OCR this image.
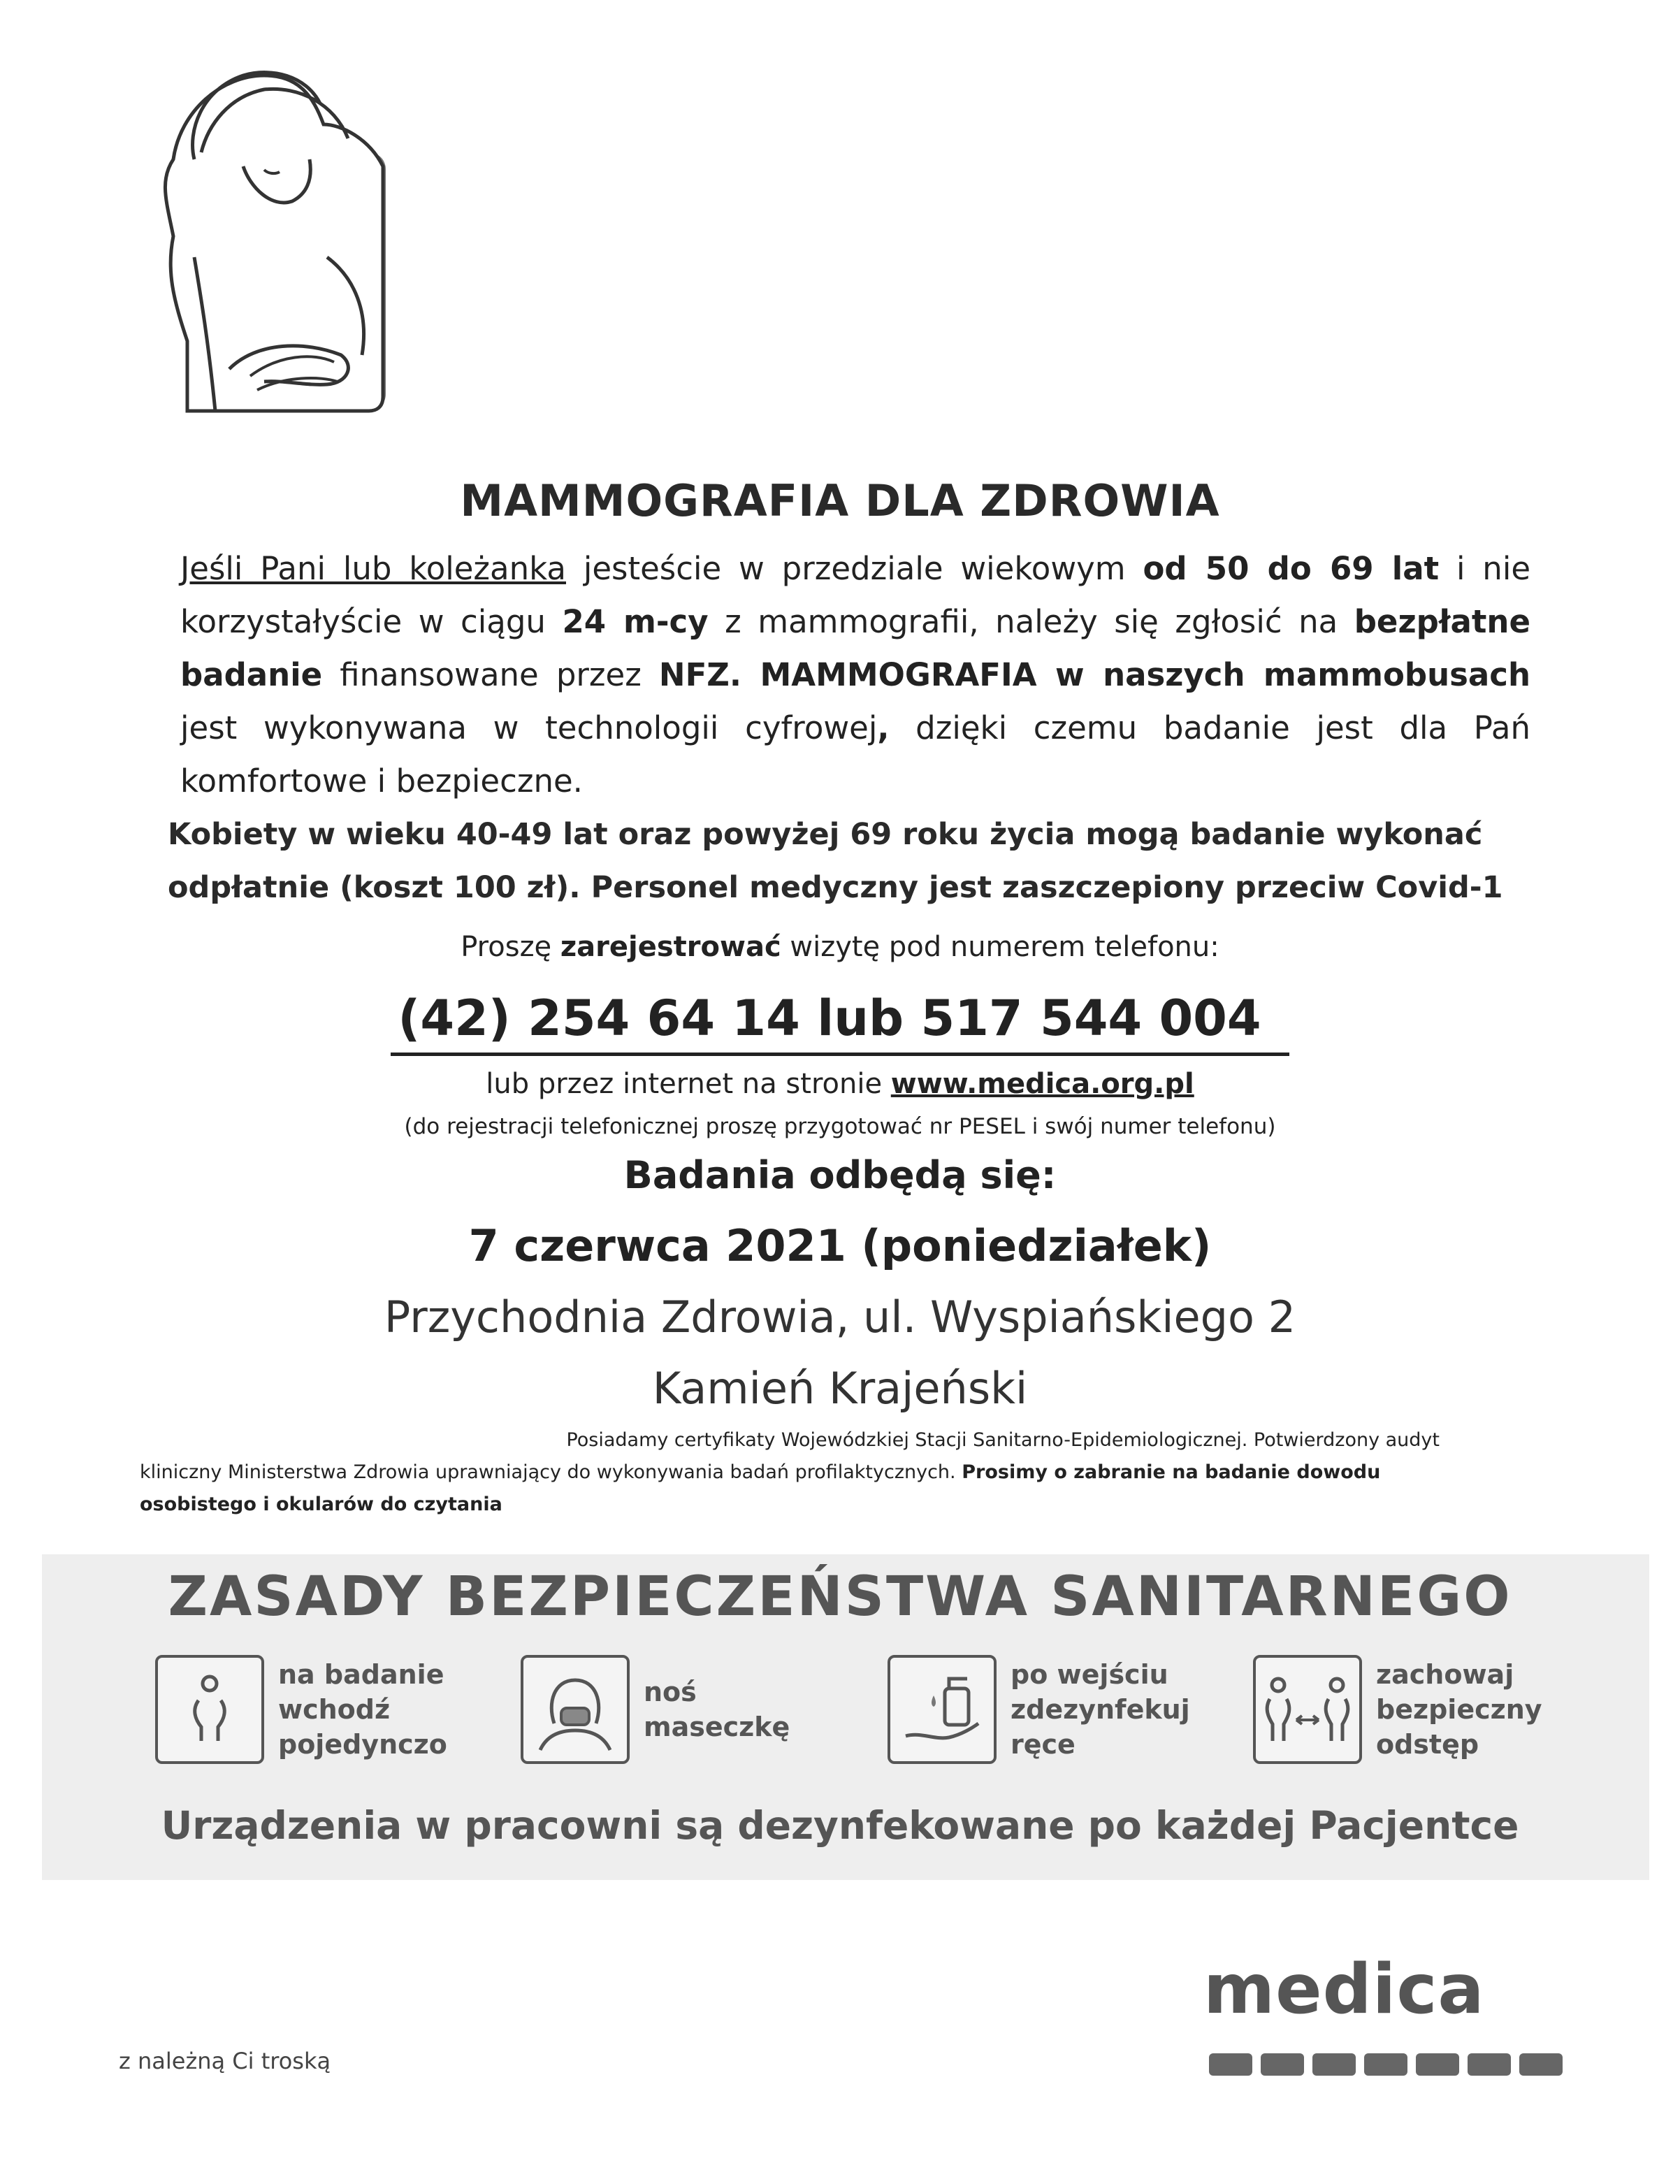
MAMMOGRAFIA DLA ZDROWIA
Jeśli Pani lub koleżanka jesteście w przedziale wiekowym od 50 do 69 lat i nie korzystałyście w ciągu 24 m-cy z mammografii, należy się zgłosić na bezpłatne badanie finansowane przez NFZ. MAMMOGRAFIA w naszych mammobusach jest wykonywana w technologii cyfrowej, dzięki czemu badanie jest dla Pań komfortowe i bezpieczne.
Kobiety w wieku 40-49 lat oraz powyżej 69 roku życia mogą badanie wykonać odpłatnie (koszt 100 zł). Personel medyczny jest zaszczepiony przeciw Covid-1
Proszę zarejestrować wizytę pod numerem telefonu:
(42) 254 64 14 lub 517 544 004
lub przez internet na stronie www.medica.org.pl
(do rejestracji telefonicznej proszę przygotować nr PESEL i swój numer telefonu)
Badania odbędą się:
7 czerwca 2021 (poniedziałek)
Przychodnia Zdrowia, ul. Wyspiańskiego 2
Kamień Krajeński
Posiadamy certyfikaty Wojewódzkiej Stacji Sanitarno-Epidemiologicznej. Potwierdzony audyt
kliniczny Ministerstwa Zdrowia uprawniający do wykonywania badań profilaktycznych. Prosimy o zabranie na badanie dowodu osobistego i okularów do czytania
ZASADY BEZPIECZEŃSTWA SANITARNEGO
na badanie
wchodź
pojedynczo
noś
maseczkę
po wejściu
zdezynfekuj
ręce
zachowaj
bezpieczny
odstęp
Urządzenia w pracowni są dezynfekowane po każdej Pacjentce
medica
z należną Ci troską
